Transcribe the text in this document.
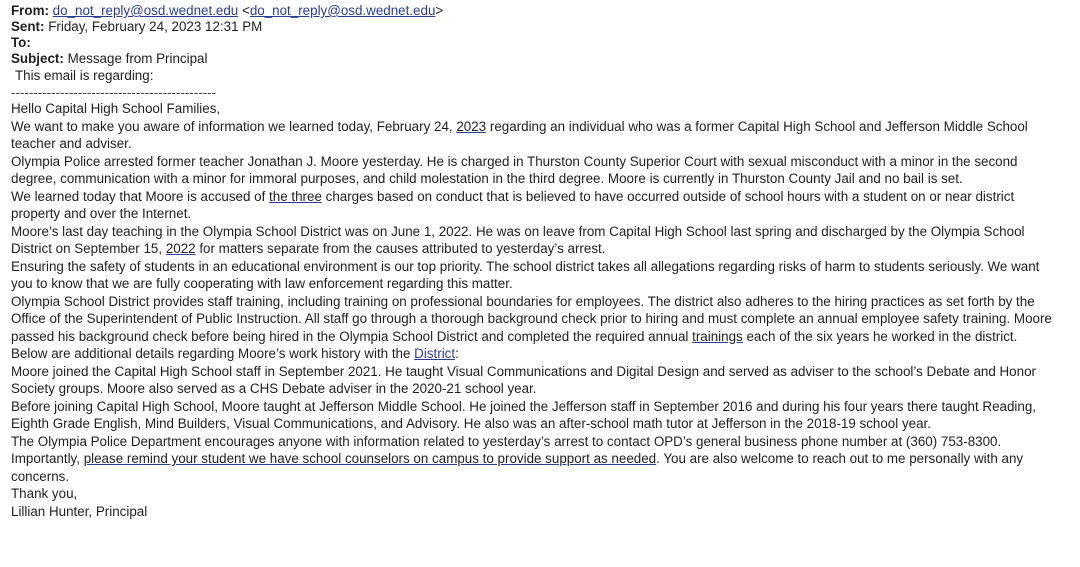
From: do_not_reply@osd.wednet.edu <do_not_reply@osd.wednet.edu>
Sent: Friday, February 24, 2023 12:31 PM
To:
Subject: Message from Principal
This email is regarding:
----------------------------------------------

Hello Capital High School Families,

We want to make you aware of information we learned today, February 24, 2023 regarding an individual who was a former Capital High School and Jefferson Middle School teacher and adviser.

Olympia Police arrested former teacher Jonathan J. Moore yesterday. He is charged in Thurston County Superior Court with sexual misconduct with a minor in the second degree, communication with a minor for immoral purposes, and child molestation in the third degree. Moore is currently in Thurston County Jail and no bail is set.

We learned today that Moore is accused of the three charges based on conduct that is believed to have occurred outside of school hours with a student on or near district property and over the Internet.

Moore’s last day teaching in the Olympia School District was on June 1, 2022. He was on leave from Capital High School last spring and discharged by the Olympia School District on September 15, 2022 for matters separate from the causes attributed to yesterday’s arrest.

Ensuring the safety of students in an educational environment is our top priority. The school district takes all allegations regarding risks of harm to students seriously. We want you to know that we are fully cooperating with law enforcement regarding this matter.

Olympia School District provides staff training, including training on professional boundaries for employees. The district also adheres to the hiring practices as set forth by the Office of the Superintendent of Public Instruction. All staff go through a thorough background check prior to hiring and must complete an annual employee safety training. Moore passed his background check before being hired in the Olympia School District and completed the required annual trainings each of the six years he worked in the district.

Below are additional details regarding Moore’s work history with the District:

Moore joined the Capital High School staff in September 2021. He taught Visual Communications and Digital Design and served as adviser to the school’s Debate and Honor Society groups. Moore also served as a CHS Debate adviser in the 2020-21 school year.

Before joining Capital High School, Moore taught at Jefferson Middle School. He joined the Jefferson staff in September 2016 and during his four years there taught Reading, Eighth Grade English, Mind Builders, Visual Communications, and Advisory. He also was an after-school math tutor at Jefferson in the 2018-19 school year.

The Olympia Police Department encourages anyone with information related to yesterday’s arrest to contact OPD’s general business phone number at (360) 753-8300.

Importantly, please remind your student we have school counselors on campus to provide support as needed. You are also welcome to reach out to me personally with any concerns.

Thank you,

Lillian Hunter, Principal
